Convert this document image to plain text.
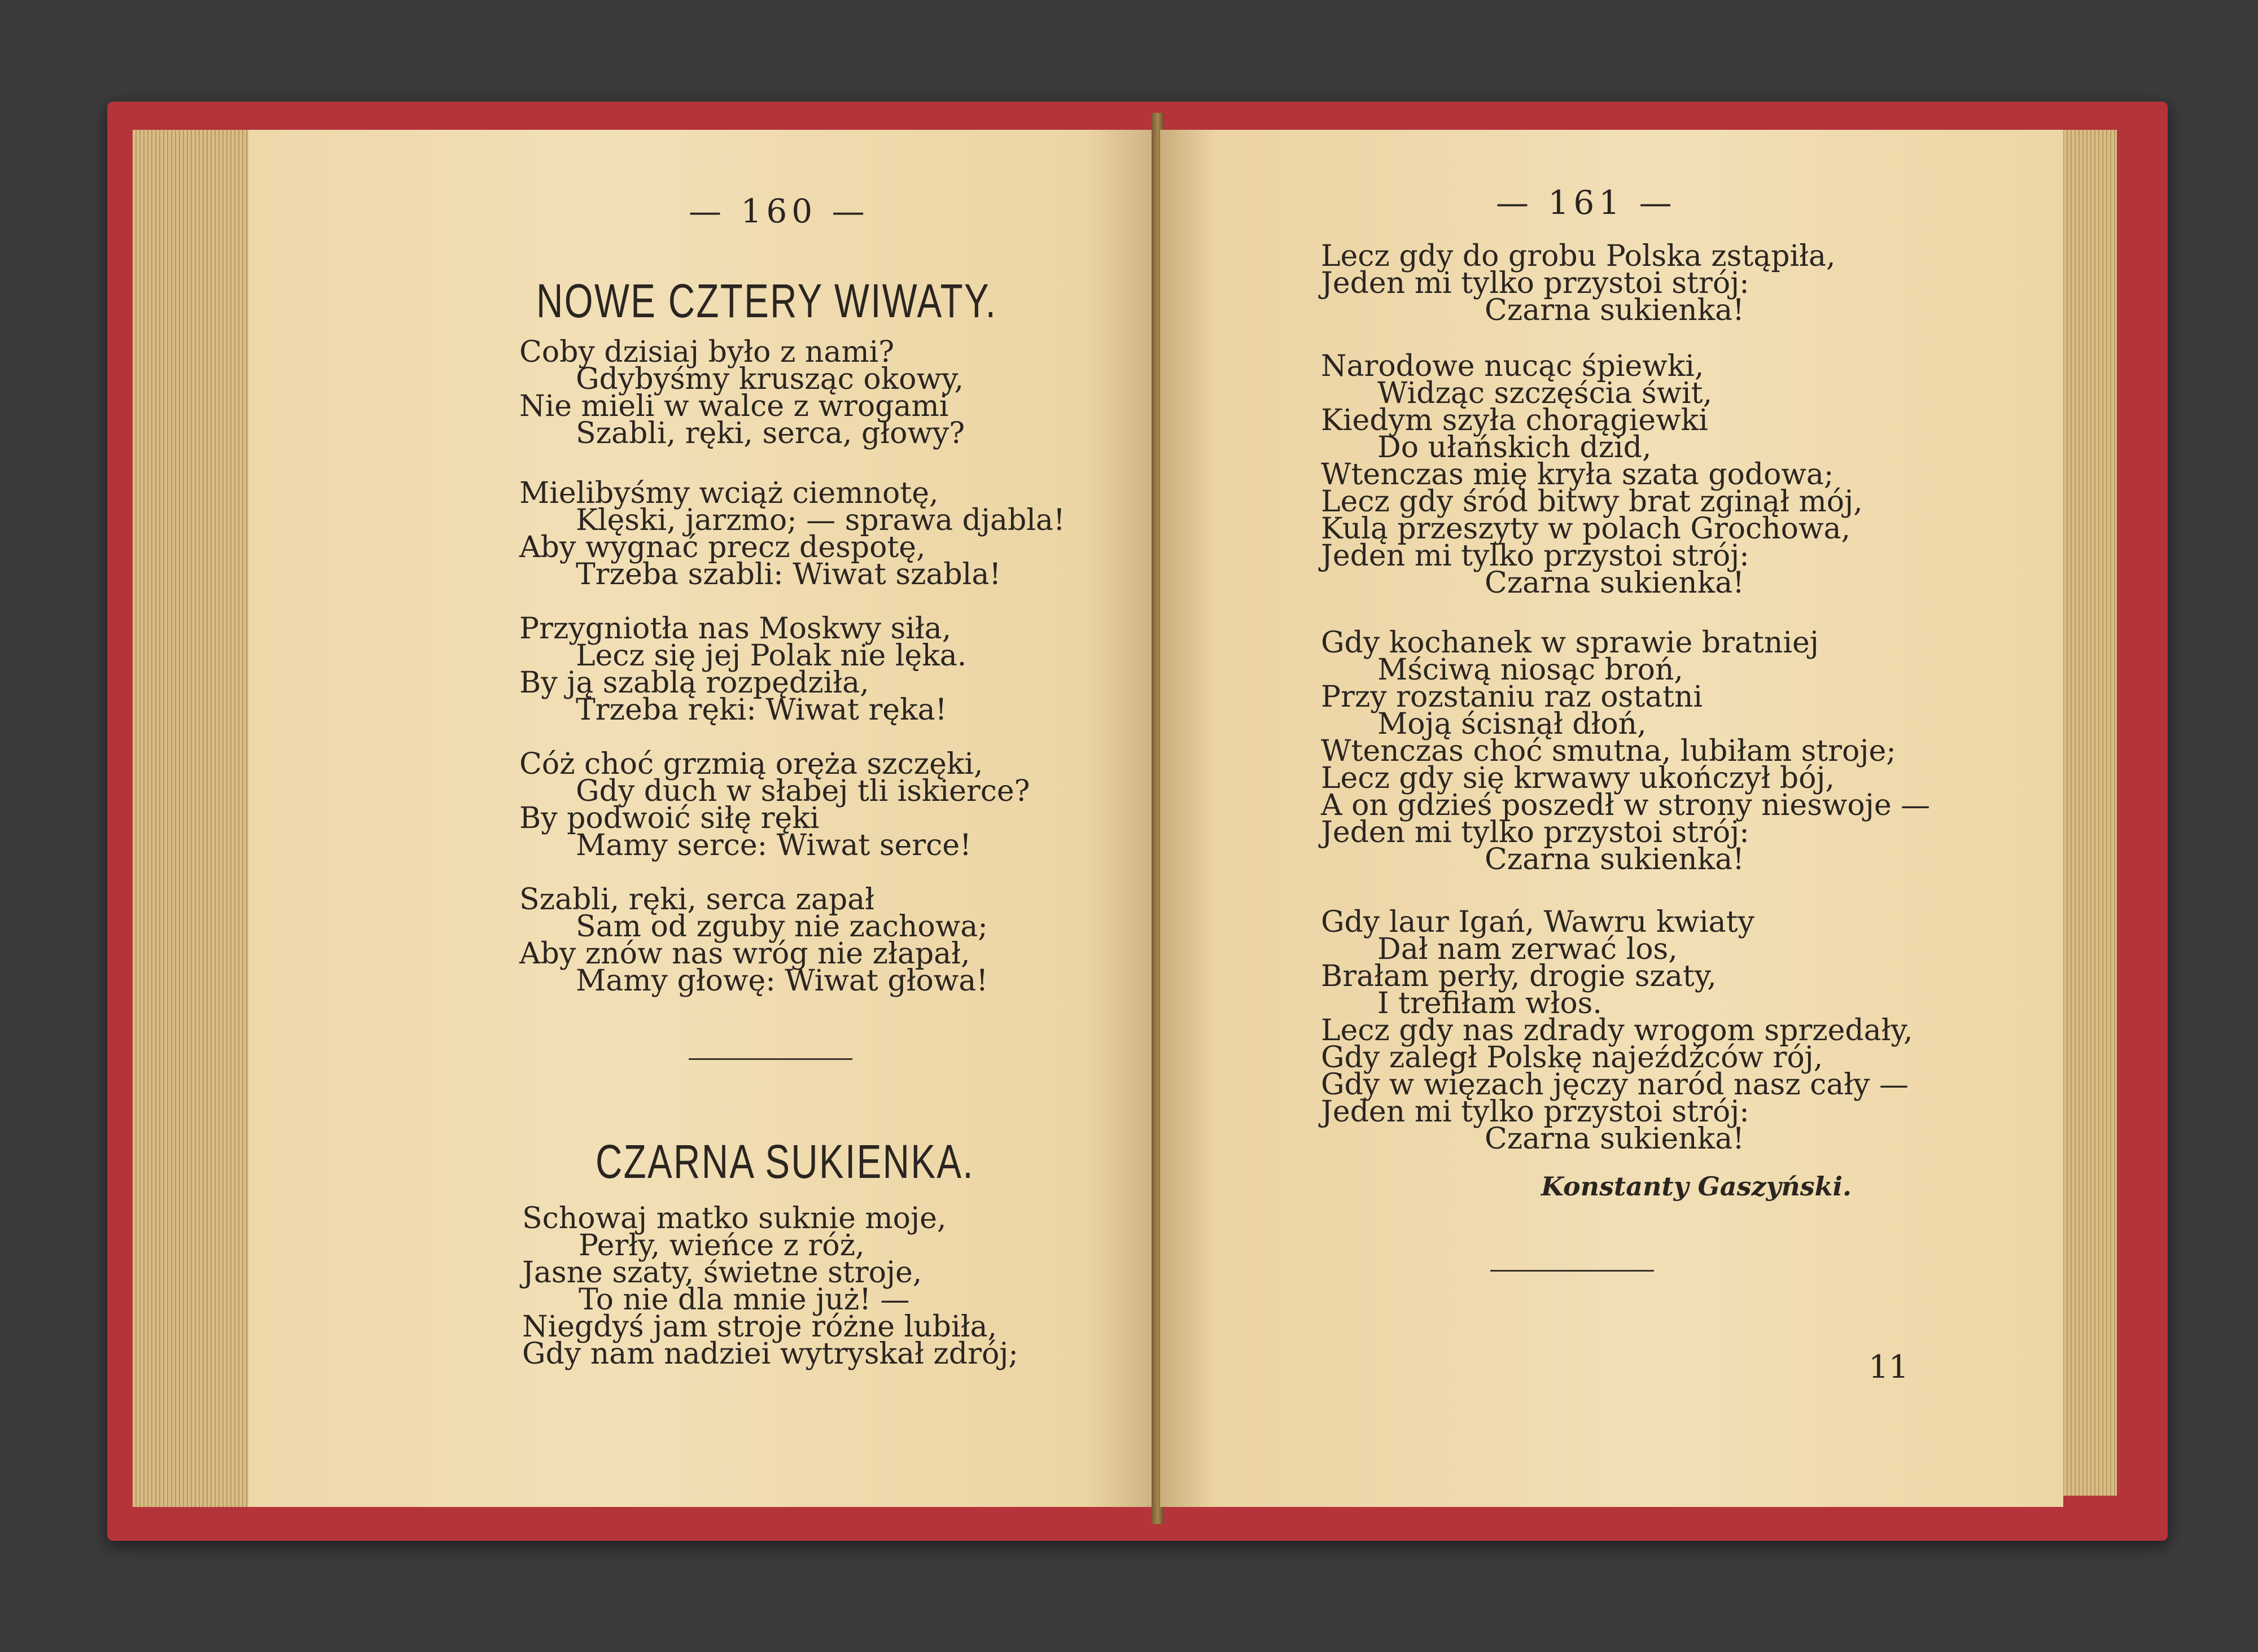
— 160 —
NOWE CZTERY WIWATY.
Coby dzisiaj było z nami?
Gdybyśmy krusząc okowy,
Nie mieli w walce z wrogami
Szabli, ręki, serca, głowy?
Mielibyśmy wciąż ciemnotę,
Klęski, jarzmo; — sprawa djabla!
Aby wygnać precz despotę,
Trzeba szabli: Wiwat szabla!
Przygniotła nas Moskwy siła,
Lecz się jej Polak nie lęka.
By ją szablą rozpędziła,
Trzeba ręki: Wiwat ręka!
Cóż choć grzmią oręża szczęki,
Gdy duch w słabej tli iskierce?
By podwoić siłę ręki
Mamy serce: Wiwat serce!
Szabli, ręki, serca zapał
Sam od zguby nie zachowa;
Aby znów nas wróg nie złapał,
Mamy głowę: Wiwat głowa!
CZARNA SUKIENKA.
Schowaj matko suknie moje,
Perły, wieńce z róż,
Jasne szaty, świetne stroje,
To nie dla mnie już! —
Niegdyś jam stroje różne lubiła,
Gdy nam nadziei wytryskał zdrój;
— 161 —
Lecz gdy do grobu Polska zstąpiła,
Jeden mi tylko przystoi strój:
Czarna sukienka!
Narodowe nucąc śpiewki,
Widząc szczęścia świt,
Kiedym szyła chorągiewki
Do ułańskich dzid,
Wtenczas mię kryła szata godowa;
Lecz gdy śród bitwy brat zginął mój,
Kulą przeszyty w polach Grochowa,
Jeden mi tylko przystoi strój:
Czarna sukienka!
Gdy kochanek w sprawie bratniej
Mściwą niosąc broń,
Przy rozstaniu raz ostatni
Moją ścisnął dłoń,
Wtenczas choć smutna, lubiłam stroje;
Lecz gdy się krwawy ukończył bój,
A on gdzieś poszedł w strony nieswoje —
Jeden mi tylko przystoi strój:
Czarna sukienka!
Gdy laur Igań, Wawru kwiaty
Dał nam zerwać los,
Brałam perły, drogie szaty,
I trefiłam włos.
Lecz gdy nas zdrady wrogom sprzedały,
Gdy zaległ Polskę najeźdźców rój,
Gdy w więzach jęczy naród nasz cały —
Jeden mi tylko przystoi strój:
Czarna sukienka!
Konstanty Gaszyński.
11
